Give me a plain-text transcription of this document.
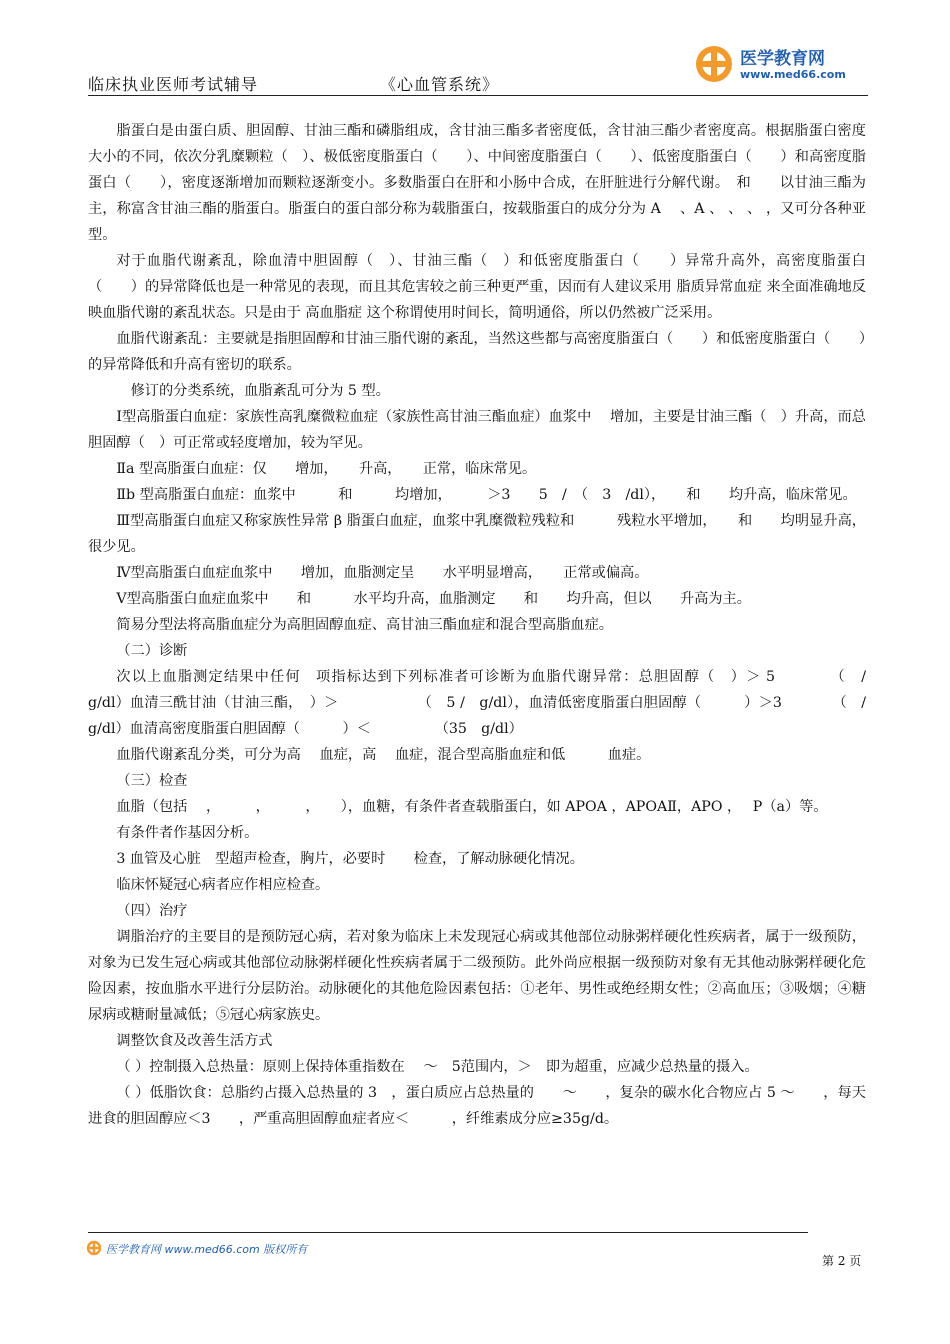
临床执业医师考试辅导	《心血管系统》
医学教育网
www.med66.com

脂蛋白是由蛋白质、胆固醇、甘油三酯和磷脂组成，含甘油三酯多者密度低，含甘油三酯少者密度高。根据脂蛋白密度大小的不同，依次分乳糜颗粒（　）、极低密度脂蛋白（　　）、中间密度脂蛋白（　　）、低密度脂蛋白（　　）和高密度脂蛋白（　　），密度逐渐增加而颗粒逐渐变小。多数脂蛋白在肝和小肠中合成，在肝脏进行分解代谢。　和　　以甘油三酯为主，称富含甘油三酯的脂蛋白。脂蛋白的蛋白部分称为载脂蛋白，按载脂蛋白的成分分为 A　 、A 、 、 、 ，又可分各种亚型。

对于血脂代谢紊乱，除血清中胆固醇（　）、甘油三酯（　）和低密度脂蛋白（　　）异常升高外，高密度脂蛋白（　　）的异常降低也是一种常见的表现，而且其危害较之前三种更严重，因而有人建议采用 脂质异常血症 来全面准确地反映血脂代谢的紊乱状态。只是由于 高血脂症 这个称谓使用时间长，简明通俗，所以仍然被广泛采用。

血脂代谢紊乱：主要就是指胆固醇和甘油三脂代谢的紊乱，当然这些都与高密度脂蛋白（　　）和低密度脂蛋白（　　）的异常降低和升高有密切的联系。

修订的分类系统，血脂紊乱可分为 5 型。

Ⅰ型高脂蛋白血症：家族性高乳糜微粒血症（家族性高甘油三酯血症）血浆中　 增加，主要是甘油三酯（　）升高，而总胆固醇（　）可正常或轻度增加，较为罕见。

Ⅱa 型高脂蛋白血症：仅　　增加，　　升高，　　正常，临床常见。

Ⅱb 型高脂蛋白血症：血浆中　　　和　　　均增加，　　　＞3　　5　/　（　3　/dl），　　和　　均升高，临床常见。

Ⅲ型高脂蛋白血症又称家族性异常 β 脂蛋白血症，血浆中乳糜微粒残粒和　　　残粒水平增加，　　和　　均明显升高，很少见。

Ⅳ型高脂蛋白血症血浆中　　增加，血脂测定呈　　水平明显增高，　　正常或偏高。

Ⅴ型高脂蛋白血症血浆中　　和　　　水平均升高，血脂测定　　和　　均升高，但以　　升高为主。

简易分型法将高脂血症分为高胆固醇血症、高甘油三酯血症和混合型高脂血症。

（二）诊断

次以上血脂测定结果中任何　项指标达到下列标准者可诊断为血脂代谢异常：总胆固醇（　）＞ 5　　　　（　/　　g/dl）血清三酰甘油（甘油三酯，　）＞　　　　　　（　5 /　g/dl），血清低密度脂蛋白胆固醇（　　　）＞3　　　　（　/　　g/dl）血清高密度脂蛋白胆固醇（　　　）＜　　　　　（35　g/dl）

血脂代谢紊乱分类，可分为高　 血症，高　 血症，混合型高脂血症和低　　　血症。

（三）检查

血脂（包括　 ，　　　，　　　，　　），血糖，有条件者查载脂蛋白，如 APOA ，APOAⅡ，APO ，　 P（a）等。

有条件者作基因分析。

3 血管及心脏　型超声检查，胸片，必要时　　检查，了解动脉硬化情况。

临床怀疑冠心病者应作相应检查。

（四）治疗

调脂治疗的主要目的是预防冠心病，若对象为临床上未发现冠心病或其他部位动脉粥样硬化性疾病者，属于一级预防，对象为已发生冠心病或其他部位动脉粥样硬化性疾病者属于二级预防。此外尚应根据一级预防对象有无其他动脉粥样硬化危险因素，按血脂水平进行分层防治。动脉硬化的其他危险因素包括：①老年、男性或绝经期女性；②高血压；③吸烟；④糖尿病或糖耐量减低；⑤冠心病家族史。

调整饮食及改善生活方式

（ ）控制摄入总热量：原则上保持体重指数在　 ～　5范围内，＞　即为超重，应减少总热量的摄入。

（ ）低脂饮食：总脂约占摄入总热量的 3　，蛋白质应占总热量的　　～　　，复杂的碳水化合物应占 5 ～　　，每天进食的胆固醇应＜3　　，严重高胆固醇血症者应＜　　　，纤维素成分应≥35g/d。

医学教育网 www.med66.com 版权所有
第 2 页
